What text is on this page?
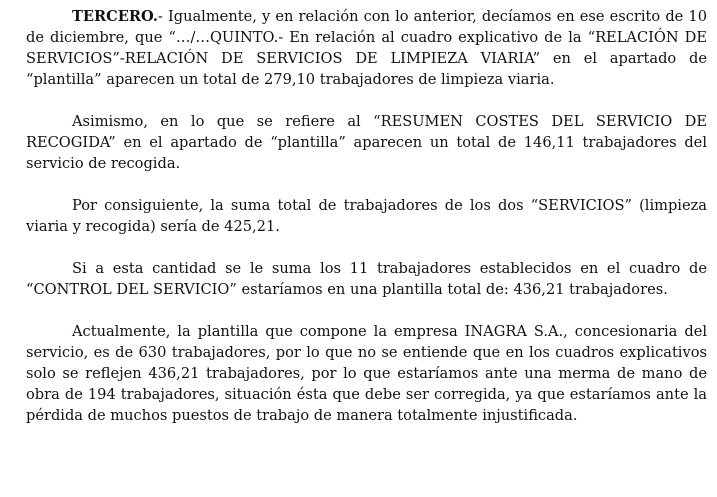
TERCERO.- Igualmente, y en relación con lo anterior, decíamos en ese escrito de 10 de diciembre, que “…/…QUINTO.- En relación al cuadro explicativo de la “RELACIÓN DE SERVICIOS”-RELACIÓN DE SERVICIOS DE LIMPIEZA VIARIA” en el apartado de “plantilla” aparecen un total de 279,10 trabajadores de limpieza viaria.

Asimismo, en lo que se refiere al “RESUMEN COSTES DEL SERVICIO DE RECOGIDA” en el apartado de “plantilla” aparecen un total de 146,11 trabajadores del servicio de recogida.

Por consiguiente, la suma total de trabajadores de los dos “SERVICIOS” (limpieza viaria y recogida) sería de 425,21.

Si a esta cantidad se le suma los 11 trabajadores establecidos en el cuadro de “CONTROL DEL SERVICIO” estaríamos en una plantilla total de: 436,21 trabajadores.

Actualmente, la plantilla que compone la empresa INAGRA S.A., concesionaria del servicio, es de 630 trabajadores, por lo que no se entiende que en los cuadros explicativos solo se reflejen 436,21 trabajadores, por lo que estaríamos ante una merma de mano de obra de 194 trabajadores, situación ésta que debe ser corregida, ya que estaríamos ante la pérdida de muchos puestos de trabajo de manera totalmente injustificada.
